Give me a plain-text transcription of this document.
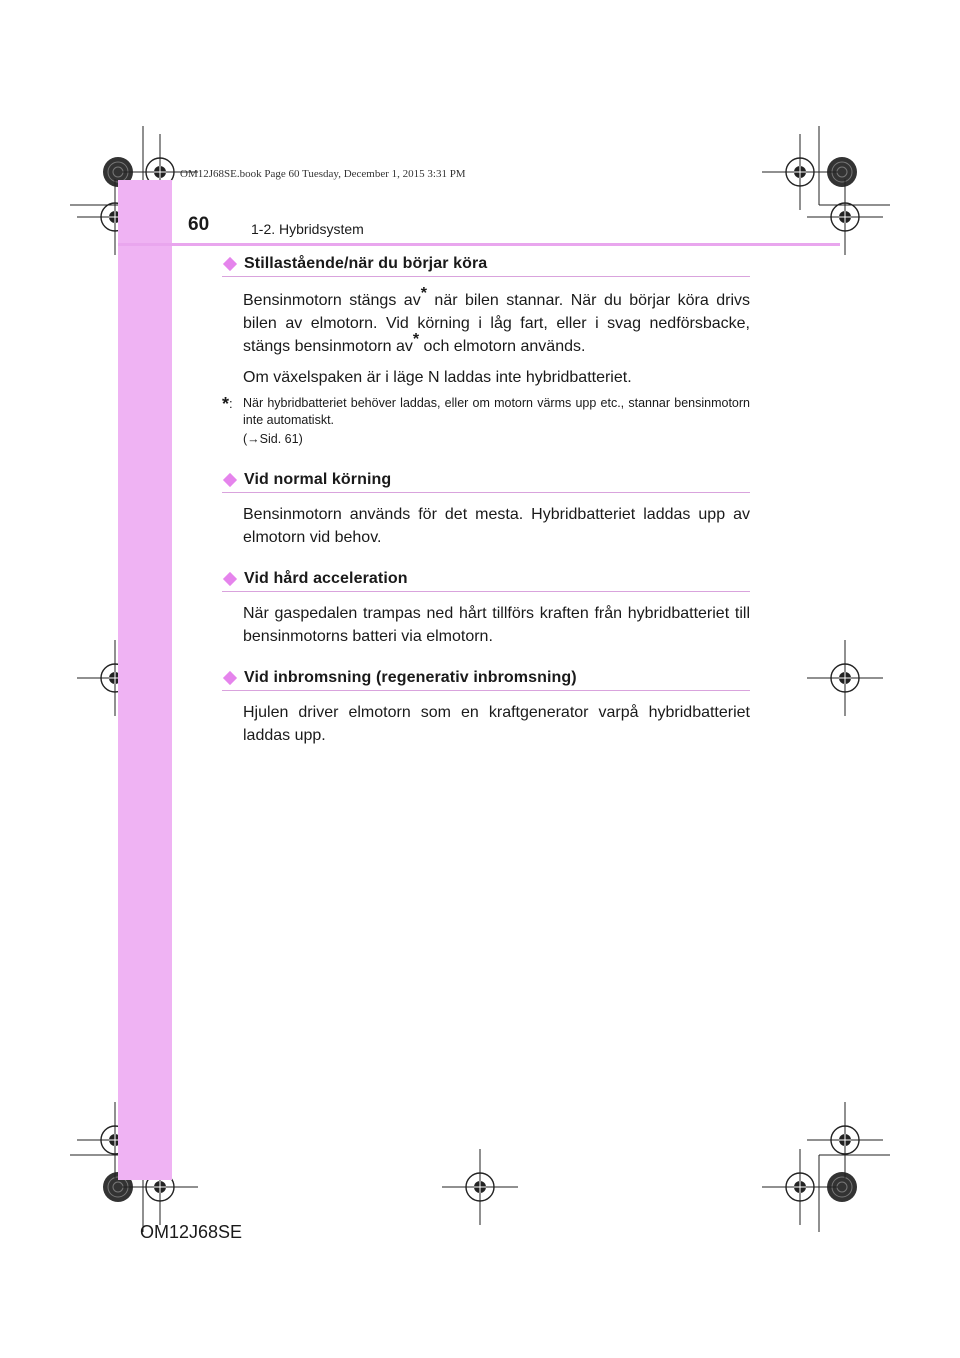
OM12J68SE.book Page 60 Tuesday, December 1, 2015 3:31 PM
60	1-2. Hybridsystem
Stillastående/när du börjar köra
Bensinmotorn stängs av* när bilen stannar. När du börjar köra drivs bilen av elmotorn. Vid körning i låg fart, eller i svag nedförsbacke, stängs bensinmotorn av* och elmotorn används.
Om växelspaken är i läge N laddas inte hybridbatteriet.
*: När hybridbatteriet behöver laddas, eller om motorn värms upp etc., stannar bensinmotorn inte automatiskt.
(→Sid. 61)
Vid normal körning
Bensinmotorn används för det mesta. Hybridbatteriet laddas upp av elmotorn vid behov.
Vid hård acceleration
När gaspedalen trampas ned hårt tillförs kraften från hybridbatteriet till bensinmotorns batteri via elmotorn.
Vid inbromsning (regenerativ inbromsning)
Hjulen driver elmotorn som en kraftgenerator varpå hybridbatteriet laddas upp.
OM12J68SE
